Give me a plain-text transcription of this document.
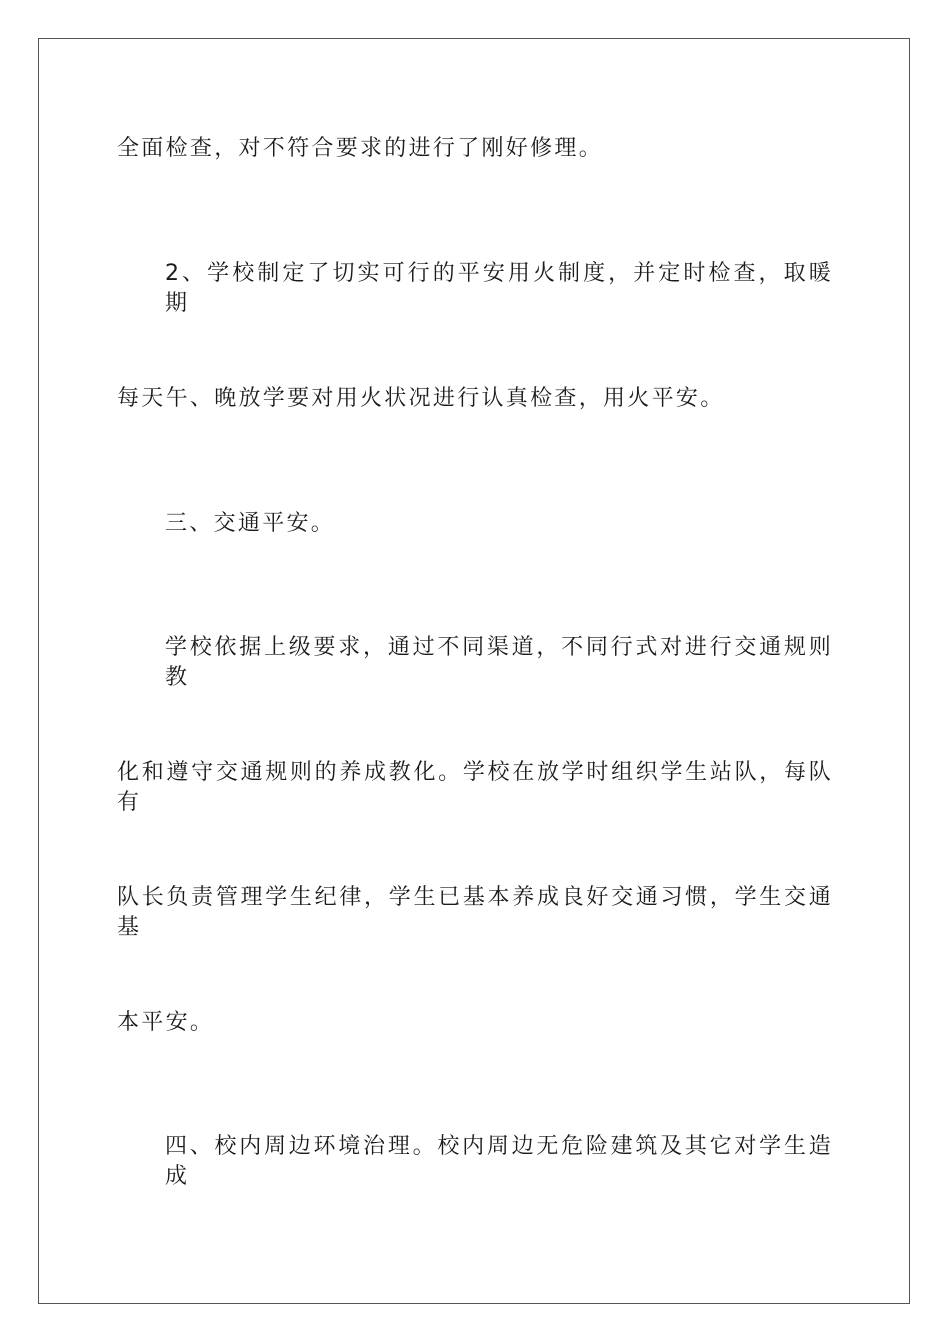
全面检查，对不符合要求的进行了刚好修理。

2、学校制定了切实可行的平安用火制度，并定时检查，取暖期

每天午、晚放学要对用火状况进行认真检查，用火平安。

三、交通平安。

学校依据上级要求，通过不同渠道，不同行式对进行交通规则教

化和遵守交通规则的养成教化。学校在放学时组织学生站队，每队有

队长负责管理学生纪律，学生已基本养成良好交通习惯，学生交通基

本平安。

四、校内周边环境治理。校内周边无危险建筑及其它对学生造成
